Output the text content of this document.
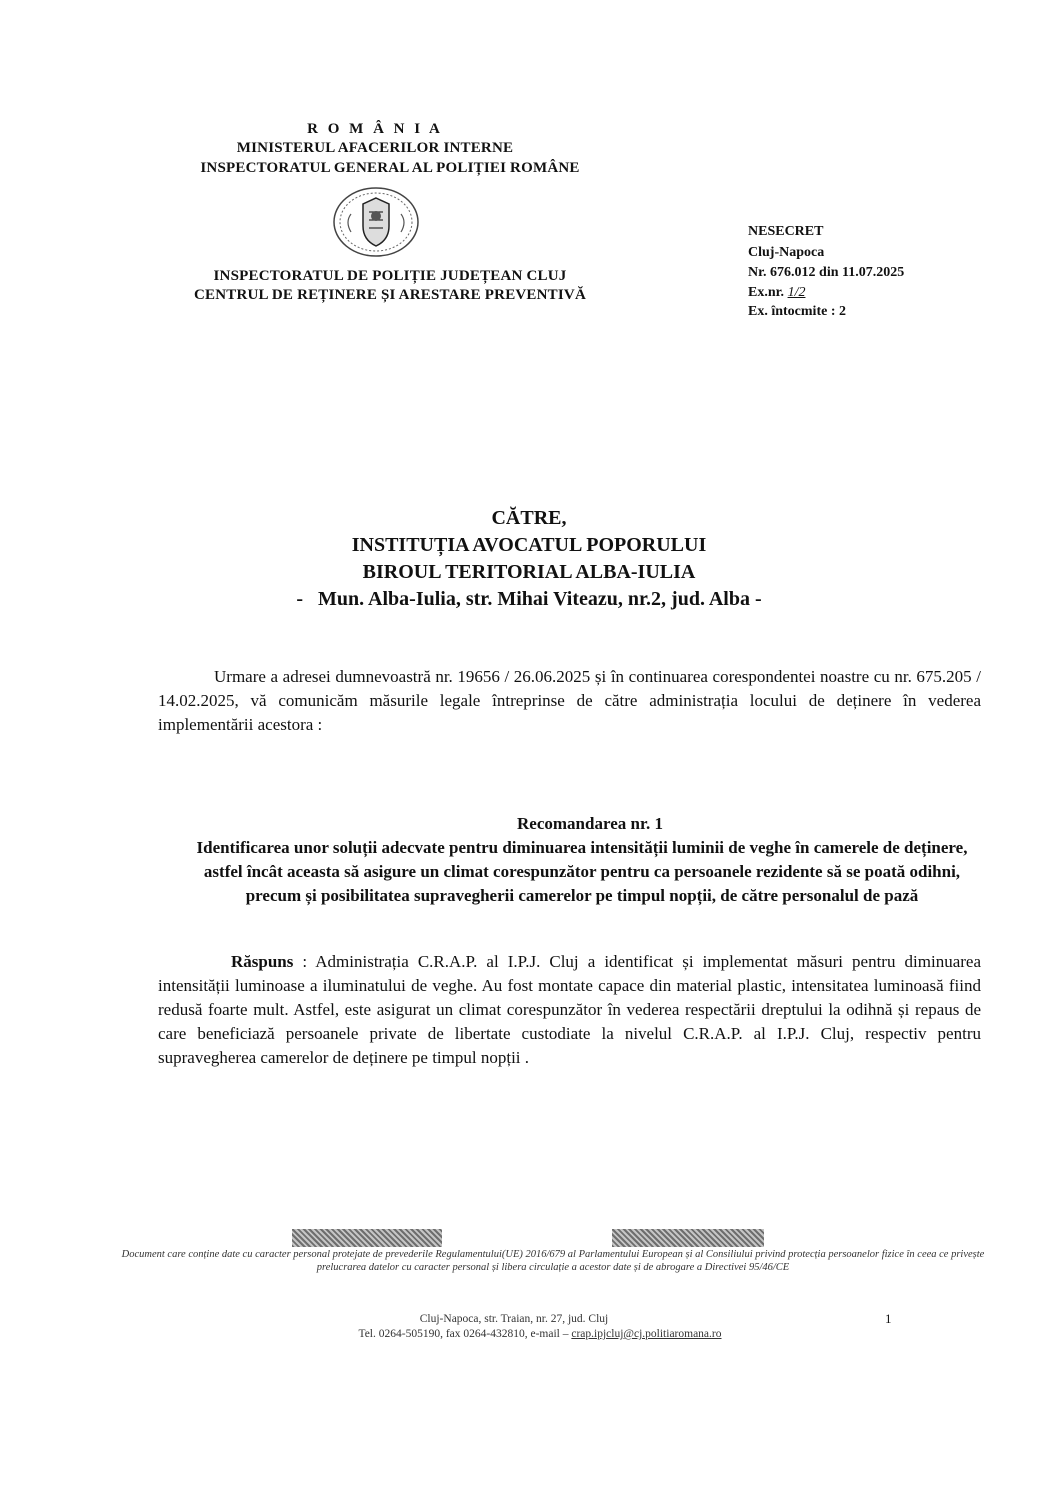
R O M Â N I A
MINISTERUL AFACERILOR INTERNE
INSPECTORATUL GENERAL AL POLIȚIEI ROMÂNE
INSPECTORATUL DE POLIȚIE JUDEȚEAN CLUJ
CENTRUL DE REȚINERE ȘI ARESTARE PREVENTIVĂ
NESECRET
Cluj-Napoca
Nr. 676.012 din 11.07.2025
Ex.nr. 1/2
Ex. întocmite : 2
CĂTRE,
INSTITUȚIA AVOCATUL POPORULUI
BIROUL TERITORIAL ALBA-IULIA
-   Mun. Alba-Iulia, str. Mihai Viteazu, nr.2, jud. Alba -
Urmare a adresei dumnevoastră nr. 19656 / 26.06.2025 și în continuarea corespondentei noastre cu nr. 675.205 / 14.02.2025, vă comunicăm măsurile legale întreprinse de către administrația locului de deținere în vederea implementării acestora :
Recomandarea nr. 1
Identificarea unor soluții adecvate pentru diminuarea intensității luminii de veghe în camerele de deținere, astfel încât aceasta să asigure un climat corespunzător pentru ca persoanele rezidente să se poată odihni, precum și posibilitatea supravegherii camerelor pe timpul nopții, de către personalul de pază
Răspuns : Administrația C.R.A.P. al I.P.J. Cluj a identificat și implementat măsuri pentru diminuarea intensității luminoase a iluminatului de veghe. Au fost montate capace din material plastic, intensitatea luminoasă fiind redusă foarte mult. Astfel, este asigurat un climat corespunzător în vederea respectării dreptului la odihnă și repaus de care beneficiază persoanele private de libertate custodiate la nivelul C.R.A.P. al I.P.J. Cluj, respectiv pentru supravegherea camerelor de deținere pe timpul nopții .
Document care conține date cu caracter personal protejate de prevederile Regulamentului(UE) 2016/679 al Parlamentului European și al Consiliului privind protecția persoanelor fizice în ceea ce privește prelucrarea datelor cu caracter personal și libera circulație a acestor date și de abrogare a Directivei 95/46/CE
Cluj-Napoca, str. Traian, nr. 27, jud. Cluj	1
Tel. 0264-505190, fax 0264-432810, e-mail – crap.ipjcluj@cj.politiaromana.ro
